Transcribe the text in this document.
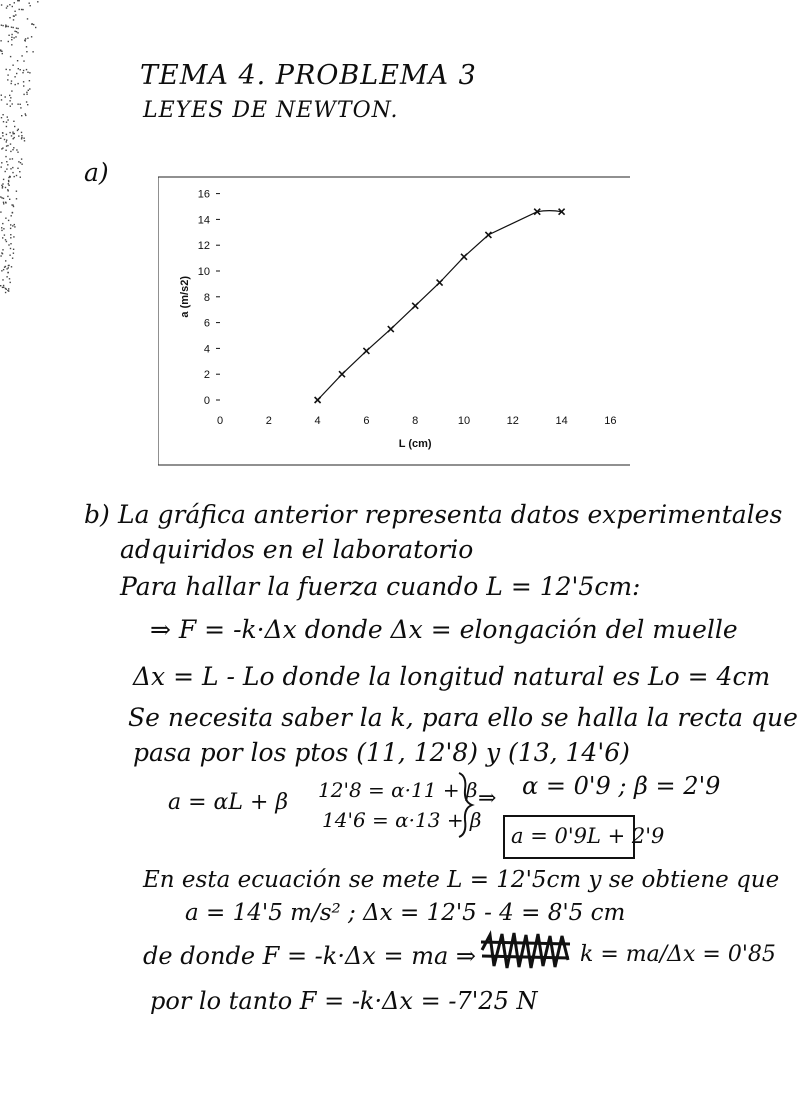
TEMA 4. PROBLEMA 3
LEYES DE NEWTON.
a)
0
2
4
6
8
10
12
14
16
0	2	4	6	8	10	12	14	16
L (cm)
a (m/s2)
b) La gráfica anterior representa datos experimentales
adquiridos en el laboratorio
Para hallar la fuerza cuando L = 12'5cm:
⇒ F = -k·Δx donde Δx = elongación del muelle
Δx = L - Lo donde la longitud natural es Lo = 4cm
Se necesita saber la k, para ello se halla la recta que
pasa por los ptos (11, 12'8) y (13, 14'6)
a = αL + β 12'8 = α·11 + β
14'6 = α·13 + β
⇒ α = 0'9 ; β = 2'9
a = 0'9L + 2'9
En esta ecuación se mete L = 12'5cm y se obtiene que
a = 14'5 m/s² ; Δx = 12'5 - 4 = 8'5 cm
de donde F = -k·Δx = ma ⇒	k = ma/Δx = 0'85
por lo tanto F = -k·Δx = -7'25 N
